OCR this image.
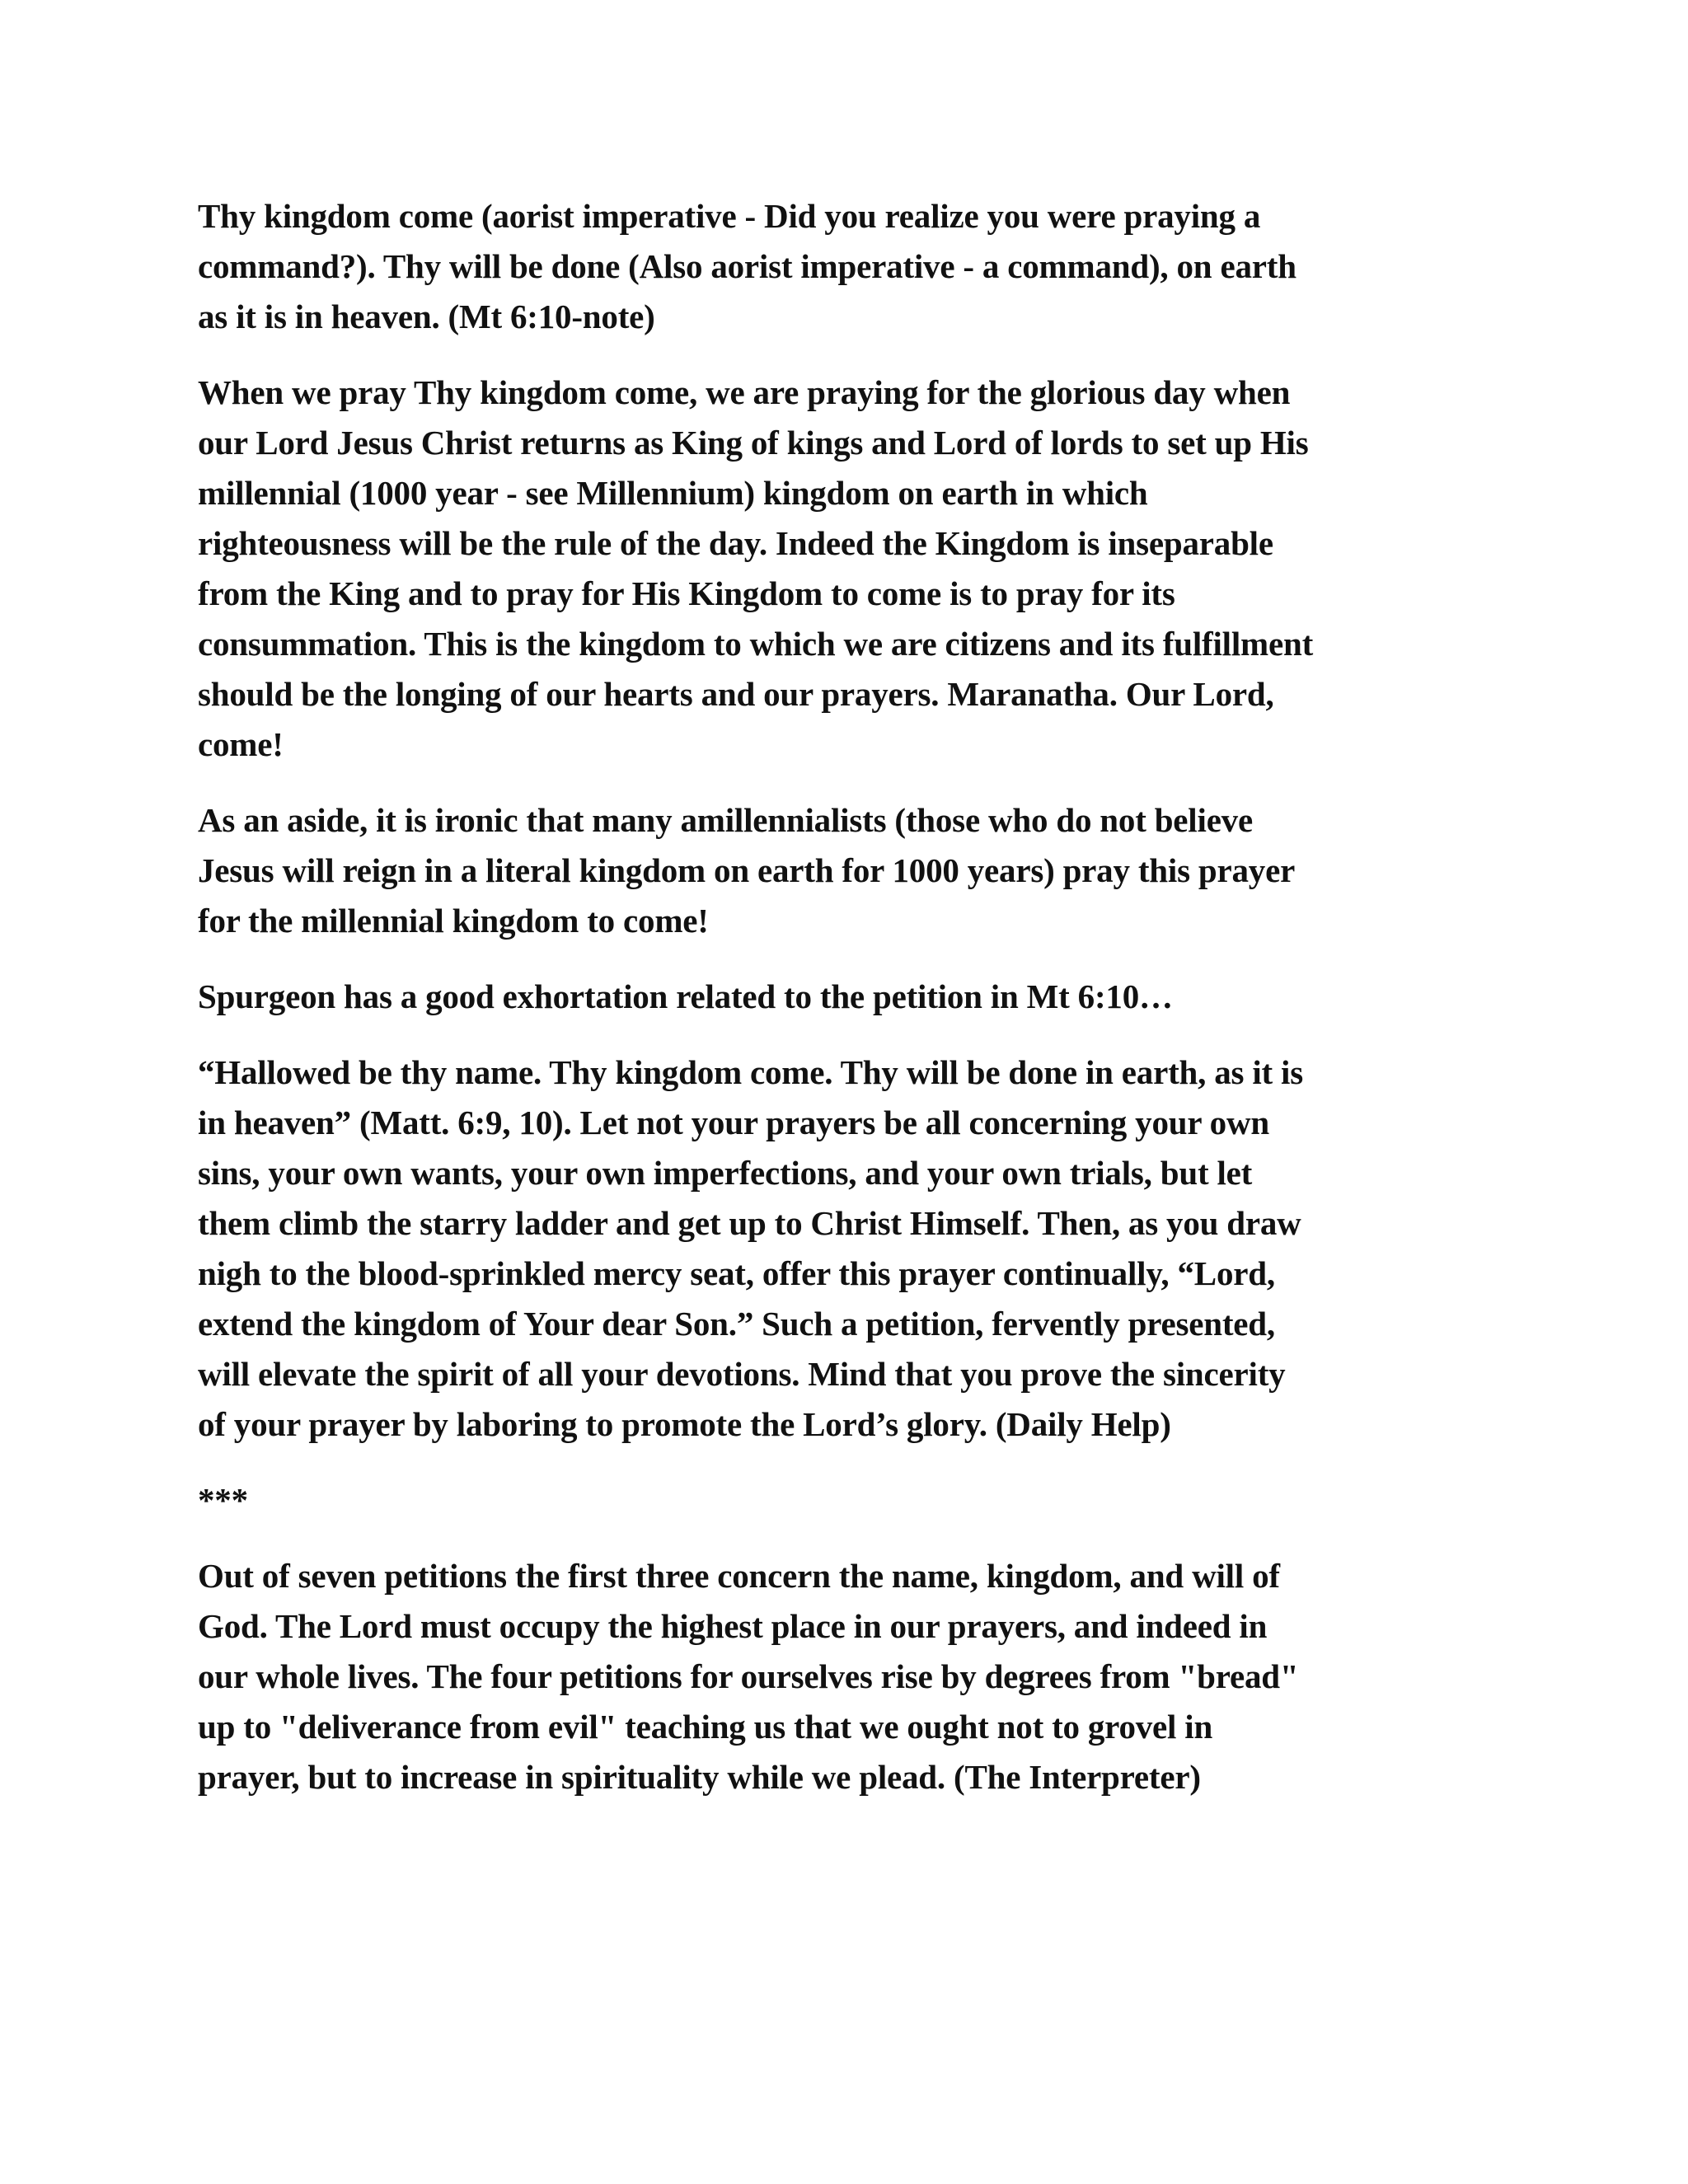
Thy kingdom come (aorist imperative - Did you realize you were praying a
command?). Thy will be done (Also aorist imperative - a command), on earth
as it is in heaven. (Mt 6:10-note)

When we pray Thy kingdom come, we are praying for the glorious day when
our Lord Jesus Christ returns as King of kings and Lord of lords to set up His
millennial (1000 year - see Millennium) kingdom on earth in which
righteousness will be the rule of the day. Indeed the Kingdom is inseparable
from the King and to pray for His Kingdom to come is to pray for its
consummation. This is the kingdom to which we are citizens and its fulfillment
should be the longing of our hearts and our prayers. Maranatha. Our Lord,
come!

As an aside, it is ironic that many amillennialists (those who do not believe
Jesus will reign in a literal kingdom on earth for 1000 years) pray this prayer
for the millennial kingdom to come!

Spurgeon has a good exhortation related to the petition in Mt 6:10…

“Hallowed be thy name. Thy kingdom come. Thy will be done in earth, as it is
in heaven” (Matt. 6:9, 10). Let not your prayers be all concerning your own
sins, your own wants, your own imperfections, and your own trials, but let
them climb the starry ladder and get up to Christ Himself. Then, as you draw
nigh to the blood-sprinkled mercy seat, offer this prayer continually, “Lord,
extend the kingdom of Your dear Son.” Such a petition, fervently presented,
will elevate the spirit of all your devotions. Mind that you prove the sincerity
of your prayer by laboring to promote the Lord’s glory. (Daily Help)

***

Out of seven petitions the first three concern the name, kingdom, and will of
God. The Lord must occupy the highest place in our prayers, and indeed in
our whole lives. The four petitions for ourselves rise by degrees from "bread"
up to "deliverance from evil" teaching us that we ought not to grovel in
prayer, but to increase in spirituality while we plead. (The Interpreter)
